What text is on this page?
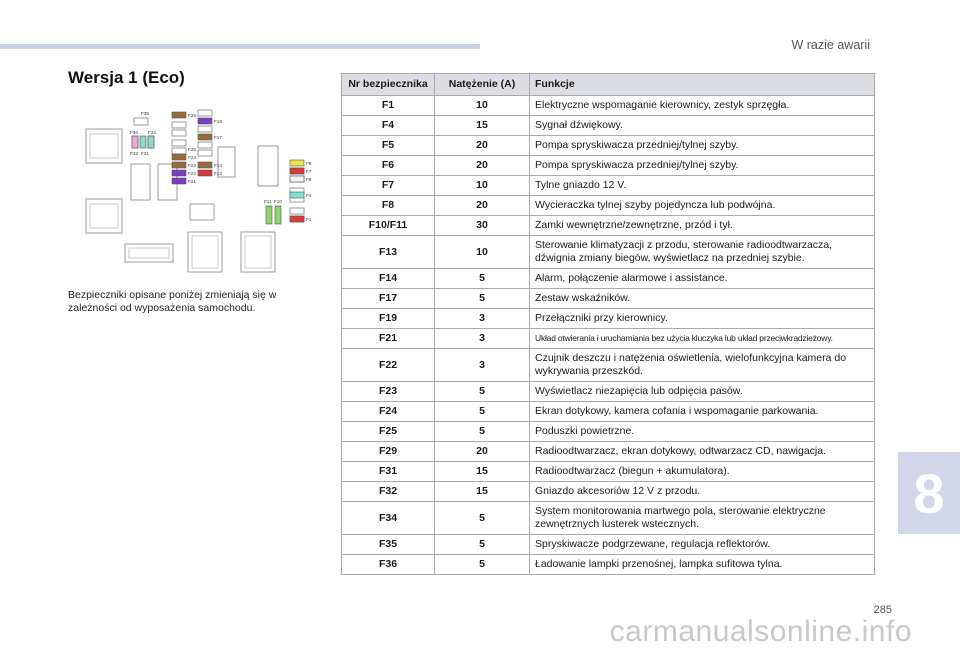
W razie awarii
Wersja 1 (Eco)
F35
F36 F34
F32 F31
F29
F19
F17
F25
F24
F23
F22
F21
F14
F13
F8
F7
F6
F4
F1
F11 F10
Bezpieczniki opisane poniżej zmieniają się w zależności od wyposażenia samochodu.
Nr bezpiecznika	Natężenie (A)	Funkcje
F1	10	Elektryczne wspomaganie kierownicy, zestyk sprzęgła.
F4	15	Sygnał dźwiękowy.
F5	20	Pompa spryskiwacza przedniej/tylnej szyby.
F6	20	Pompa spryskiwacza przedniej/tylnej szyby.
F7	10	Tylne gniazdo 12 V.
F8	20	Wycieraczka tylnej szyby pojedyncza lub podwójna.
F10/F11	30	Zamki wewnętrzne/zewnętrzne, przód i tył.
F13	10	Sterowanie klimatyzacji z przodu, sterowanie radioodtwarzacza, dźwignia zmiany biegów, wyświetlacz na przedniej szybie.
F14	5	Alarm, połączenie alarmowe i assistance.
F17	5	Zestaw wskaźników.
F19	3	Przełączniki przy kierownicy.
F21	3	Układ otwierania i uruchamiania bez użycia kluczyka lub układ przeciwkradzieżowy.
F22	3	Czujnik deszczu i natężenia oświetlenia, wielofunkcyjna kamera do wykrywania przeszkód.
F23	5	Wyświetlacz niezapięcia lub odpięcia pasów.
F24	5	Ekran dotykowy, kamera cofania i wspomaganie parkowania.
F25	5	Poduszki powietrzne.
F29	20	Radioodtwarzacz, ekran dotykowy, odtwarzacz CD, nawigacja.
F31	15	Radioodtwarzacz (biegun + akumulatora).
F32	15	Gniazdo akcesoriów 12 V z przodu.
F34	5	System monitorowania martwego pola, sterowanie elektryczne zewnętrznych lusterek wstecznych.
F35	5	Spryskiwacze podgrzewane, regulacja reflektorów.
F36	5	Ładowanie lampki przenośnej, lampka sufitowa tylna.
8
285
carmanualsonline.info
